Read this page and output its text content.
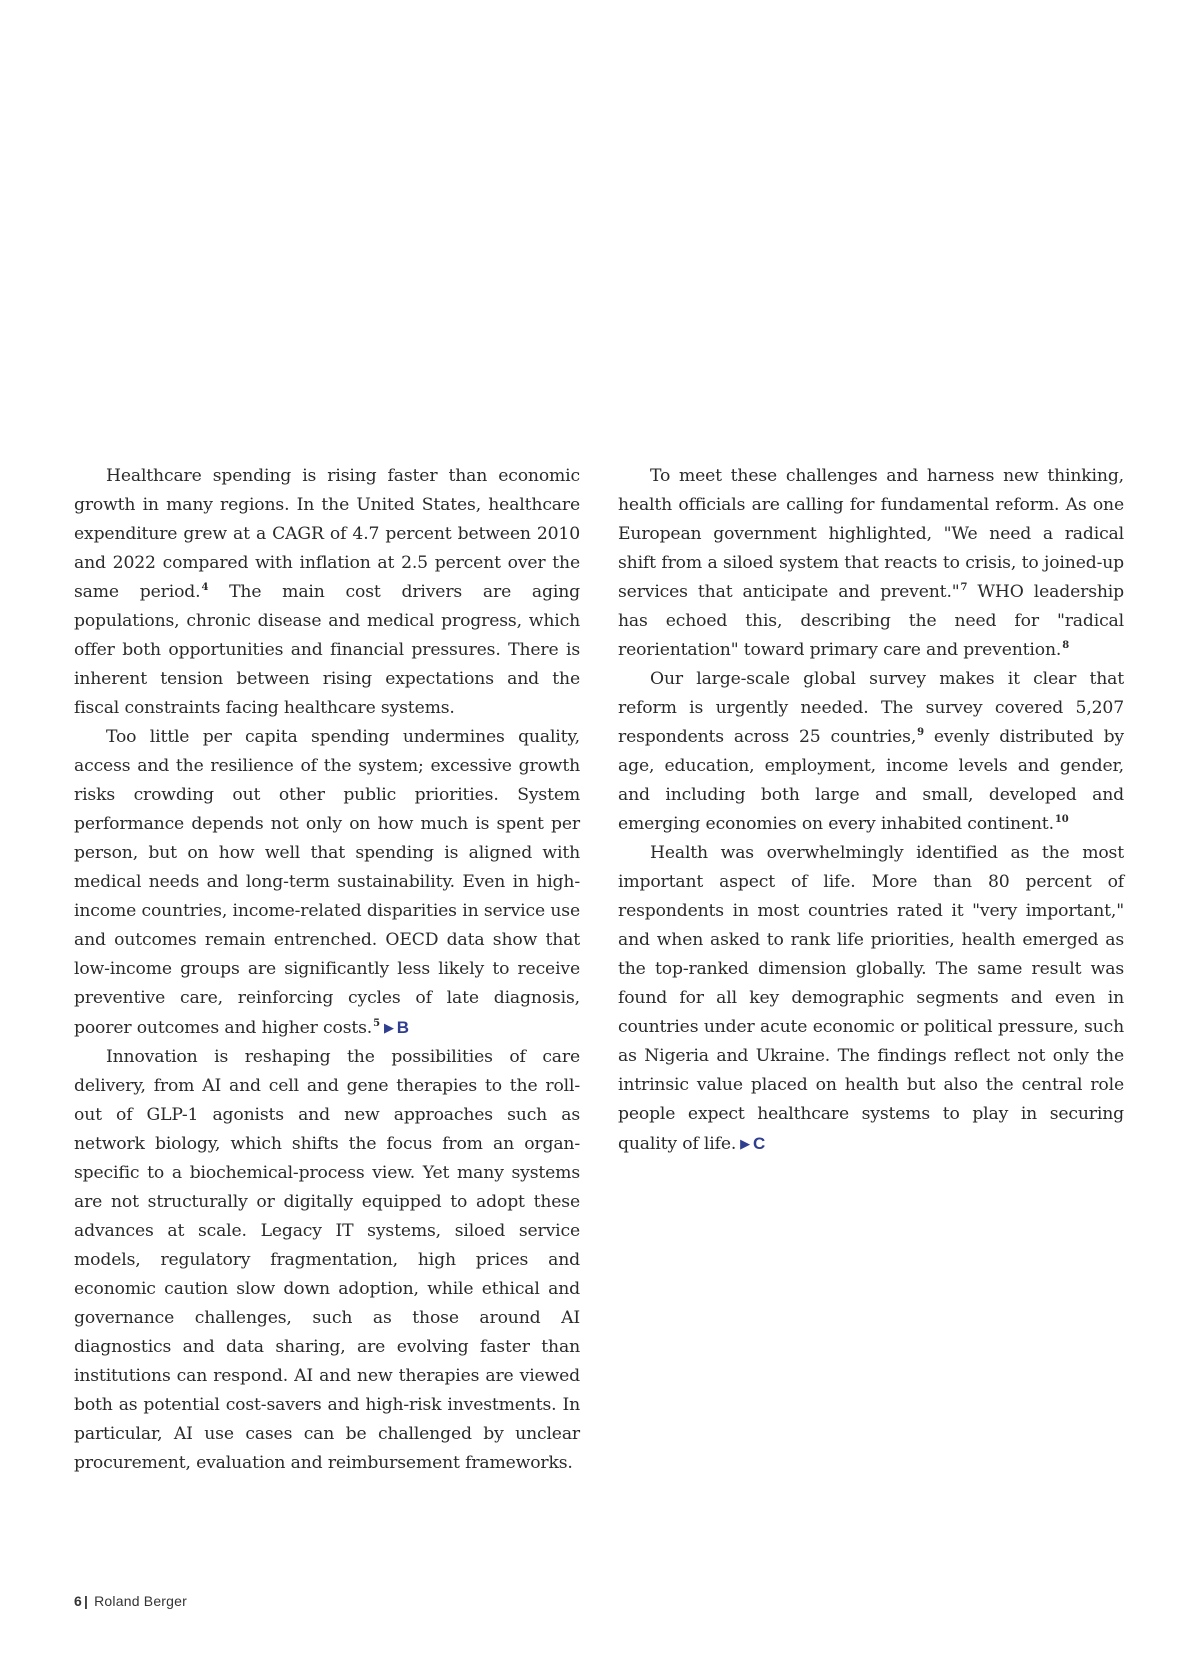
Healthcare spending is rising faster than economic growth in many regions. In the United States, healthcare expenditure grew at a CAGR of 4.7 percent between 2010 and 2022 compared with inflation at 2.5 percent over the same period.$^4$ The main cost drivers are aging populations, chronic disease and medical progress, which offer both opportunities and financial pressures. There is inherent tension between rising expectations and the fiscal constraints facing healthcare systems.

Too little per capita spending undermines quality, access and the resilience of the system; excessive growth risks crowding out other public priorities. System performance depends not only on how much is spent per person, but on how well that spending is aligned with medical needs and long-term sustainability. Even in high-income countries, income-related disparities in service use and outcomes remain entrenched. OECD data show that low-income groups are significantly less likely to receive preventive care, reinforcing cycles of late diagnosis, poorer outcomes and higher costs.$^5$ ▶ B

Innovation is reshaping the possibilities of care delivery, from AI and cell and gene therapies to the roll-out of GLP-1 agonists and new approaches such as network biology, which shifts the focus from an organ-specific to a biochemical-process view. Yet many systems are not structurally or digitally equipped to adopt these advances at scale. Legacy IT systems, siloed service models, regulatory fragmentation, high prices and economic caution slow down adoption, while ethical and governance challenges, such as those around AI diagnostics and data sharing, are evolving faster than institutions can respond. AI and new therapies are viewed both as potential cost-savers and high-risk investments. In particular, AI use cases can be challenged by unclear procurement, evaluation and reimbursement frameworks.

To meet these challenges and harness new thinking, health officials are calling for fundamental reform. As one European government highlighted, "We need a radical shift from a siloed system that reacts to crisis, to joined-up services that anticipate and prevent."$^7$ WHO leadership has echoed this, describing the need for "radical reorientation" toward primary care and prevention.$^8$

Our large-scale global survey makes it clear that reform is urgently needed. The survey covered 5,207 respondents across 25 countries,$^9$ evenly distributed by age, education, employment, income levels and gender, and including both large and small, developed and emerging economies on every inhabited continent.$^{10}$

Health was overwhelmingly identified as the most important aspect of life. More than 80 percent of respondents in most countries rated it "very important," and when asked to rank life priorities, health emerged as the top-ranked dimension globally. The same result was found for all key demographic segments and even in countries under acute economic or political pressure, such as Nigeria and Ukraine. The findings reflect not only the intrinsic value placed on health but also the central role people expect healthcare systems to play in securing quality of life. ▶ C

6 | Roland Berger
